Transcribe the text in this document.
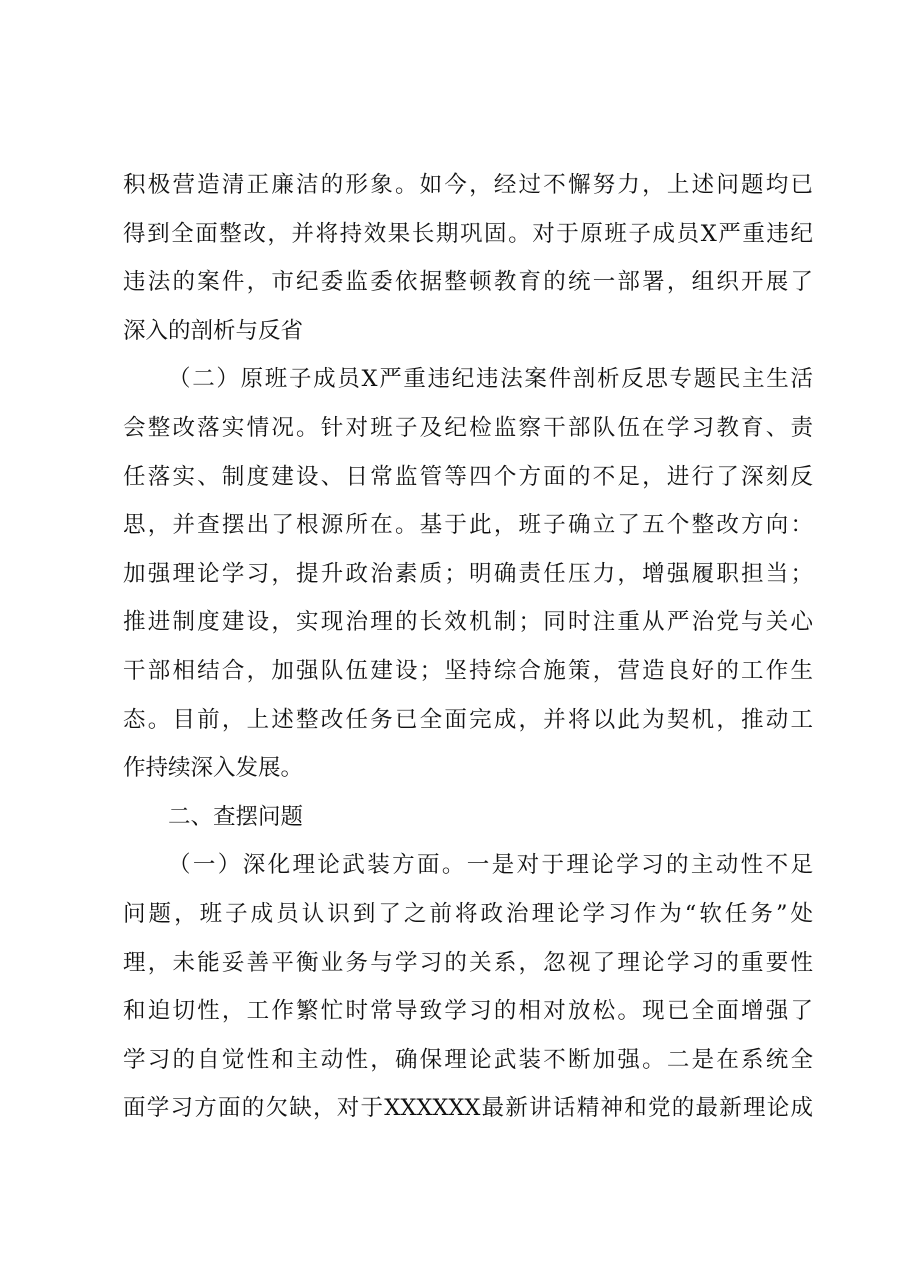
积极营造清正廉洁的形象。如今，经过不懈努力，上述问题均已
得到全面整改，并将持效果长期巩固。对于原班子成员X严重违纪
违法的案件，市纪委监委依据整顿教育的统一部署，组织开展了
深入的剖析与反省
（二）原班子成员X严重违纪违法案件剖析反思专题民主生活
会整改落实情况。针对班子及纪检监察干部队伍在学习教育、责
任落实、制度建设、日常监管等四个方面的不足，进行了深刻反
思，并查摆出了根源所在。基于此，班子确立了五个整改方向：
加强理论学习，提升政治素质；明确责任压力，增强履职担当；
推进制度建设，实现治理的长效机制；同时注重从严治党与关心
干部相结合，加强队伍建设；坚持综合施策，营造良好的工作生
态。目前，上述整改任务已全面完成，并将以此为契机，推动工
作持续深入发展。
二、查摆问题
（一）深化理论武装方面。一是对于理论学习的主动性不足
问题，班子成员认识到了之前将政治理论学习作为“软任务”处
理，未能妥善平衡业务与学习的关系，忽视了理论学习的重要性
和迫切性，工作繁忙时常导致学习的相对放松。现已全面增强了
学习的自觉性和主动性，确保理论武装不断加强。二是在系统全
面学习方面的欠缺，对于XXXXXX最新讲话精神和党的最新理论成
